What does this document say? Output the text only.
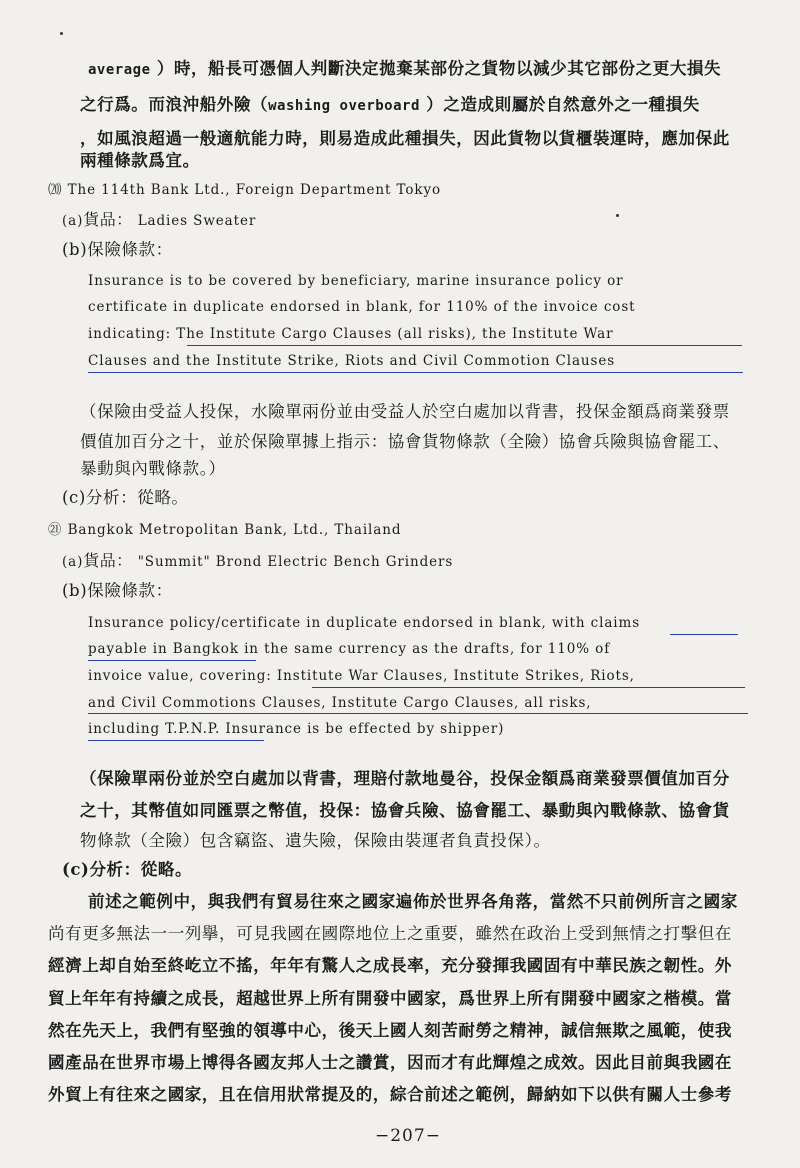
average ）時，船長可憑個人判斷決定拋棄某部份之貨物以減少其它部份之更大損失
之行爲。而浪沖船外險（washing overboard ）之造成則屬於自然意外之一種損失
，如風浪超過一般適航能力時，則易造成此種損失，因此貨物以貨櫃裝運時，應加保此
兩種條款爲宜。
⒇ The 114th Bank Ltd., Foreign Department Tokyo
(a)貨品： Ladies Sweater
(b)保險條款：
Insurance is to be covered by beneficiary, marine insurance policy or
certificate in duplicate endorsed in blank, for 110% of the invoice cost
indicating: The Institute Cargo Clauses (all risks), the Institute War
Clauses and the Institute Strike, Riots and Civil Commotion Clauses
（保險由受益人投保，水險單兩份並由受益人於空白處加以背書，投保金額爲商業發票
價值加百分之十，並於保險單據上指示：協會貨物條款（全險）協會兵險與協會罷工、
暴動與內戰條款。）
(c)分析：從略。
㉑ Bangkok Metropolitan Bank, Ltd., Thailand
(a)貨品： "Summit" Brond Electric Bench Grinders
(b)保險條款：
Insurance policy/certificate in duplicate endorsed in blank, with claims
payable in Bangkok in the same currency as the drafts, for 110% of
invoice value, covering: Institute War Clauses, Institute Strikes, Riots,
and Civil Commotions Clauses, Institute Cargo Clauses, all risks,
including T.P.N.P. Insurance is be effected by shipper)
（保險單兩份並於空白處加以背書，理賠付款地曼谷，投保金額爲商業發票價值加百分
之十，其幣值如同匯票之幣值，投保：協會兵險、協會罷工、暴動與內戰條款、協會貨
物條款（全險）包含竊盜、遺失險，保險由裝運者負責投保）。
(c)分析：從略。
前述之範例中，與我們有貿易往來之國家遍佈於世界各角落，當然不只前例所言之國家
尚有更多無法一一列擧，可見我國在國際地位上之重要，雖然在政治上受到無情之打擊但在
經濟上却自始至終屹立不搖，年年有驚人之成長率，充分發揮我國固有中華民族之韌性。外
貿上年年有持續之成長，超越世界上所有開發中國家，爲世界上所有開發中國家之楷模。當
然在先天上，我們有堅強的領導中心，後天上國人刻苦耐勞之精神，誠信無欺之風範，使我
國產品在世界市場上博得各國友邦人士之讚賞，因而才有此輝煌之成效。因此目前與我國在
外貿上有往來之國家，且在信用狀常提及的，綜合前述之範例，歸納如下以供有關人士參考
−207−
